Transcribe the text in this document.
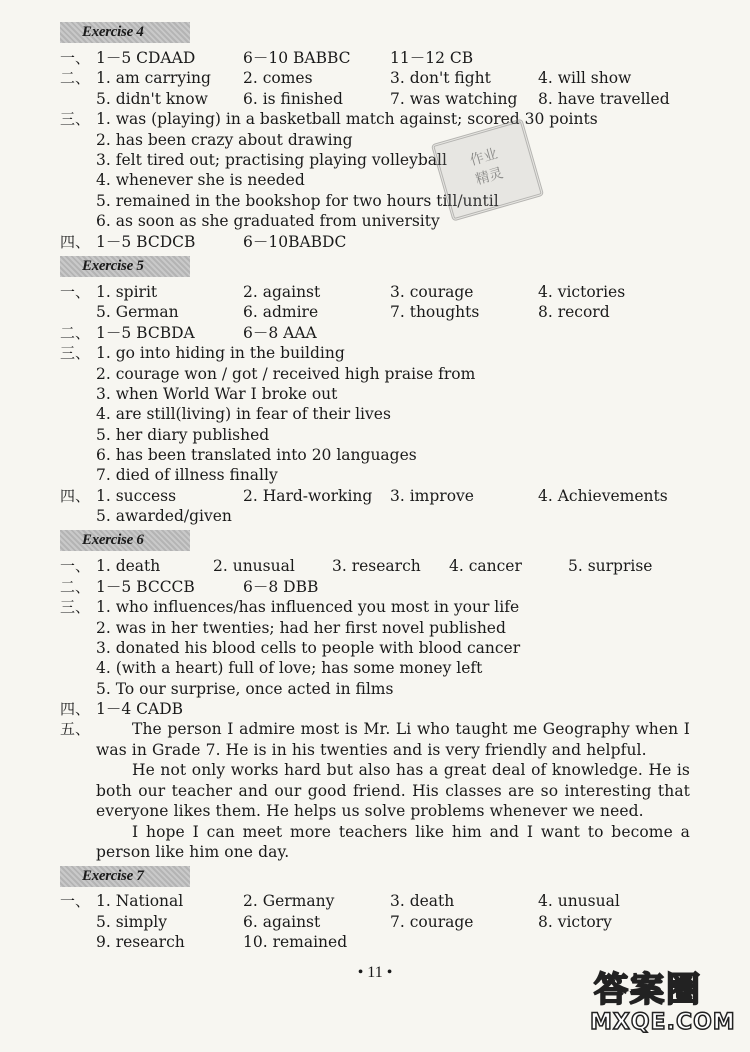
Exercise 4
一、 1－5 CDAAD	6－10 BABBC	11－12 CB
二、 1. am carrying 2. comes	3. don't fight	4. will show
5. didn't know 6. is finished	7. was watching 8. have travelled
三、 1. was (playing) in a basketball match against; scored 30 points
2. has been crazy about drawing
3. felt tired out; practising playing volleyball
4. whenever she is needed
5. remained in the bookshop for two hours till/until
6. as soon as she graduated from university
四、 1－5 BCDCB	6－10BABDC
Exercise 5
一、 1. spirit	2. against	3. courage	4. victories
5. German	6. admire	7. thoughts	8. record
二、 1－5 BCBDA	6－8 AAA
三、 1. go into hiding in the building
2. courage won / got / received high praise from
3. when World War I broke out
4. are still(living) in fear of their lives
5. her diary published
6. has been translated into 20 languages
7. died of illness finally
四、 1. success	2. Hard-working 3. improve	4. Achievements
5. awarded/given
Exercise 6
一、 1. death	2. unusual 3. research 4. cancer	5. surprise
二、 1－5 BCCCB	6－8 DBB
三、 1. who influences/has influenced you most in your life
2. was in her twenties; had her first novel published
3. donated his blood cells to people with blood cancer
4. (with a heart) full of love; has some money left
5. To our surprise, once acted in films
四、 1－4 CADB
五、	The person I admire most is Mr. Li who taught me Geography when I was in Grade 7. He is in his twenties and is very friendly and helpful.
He not only works hard but also has a great deal of knowledge. He is both our teacher and our good friend. His classes are so interesting that everyone likes them. He helps us solve problems whenever we need.
I hope I can meet more teachers like him and I want to become a person like him one day.
Exercise 7
一、 1. National	2. Germany	3. death	4. unusual
5. simply	6. against	7. courage	8. victory
9. research	10. remained
• 11 •
作业
精灵
答案圈
MXQE.COM
